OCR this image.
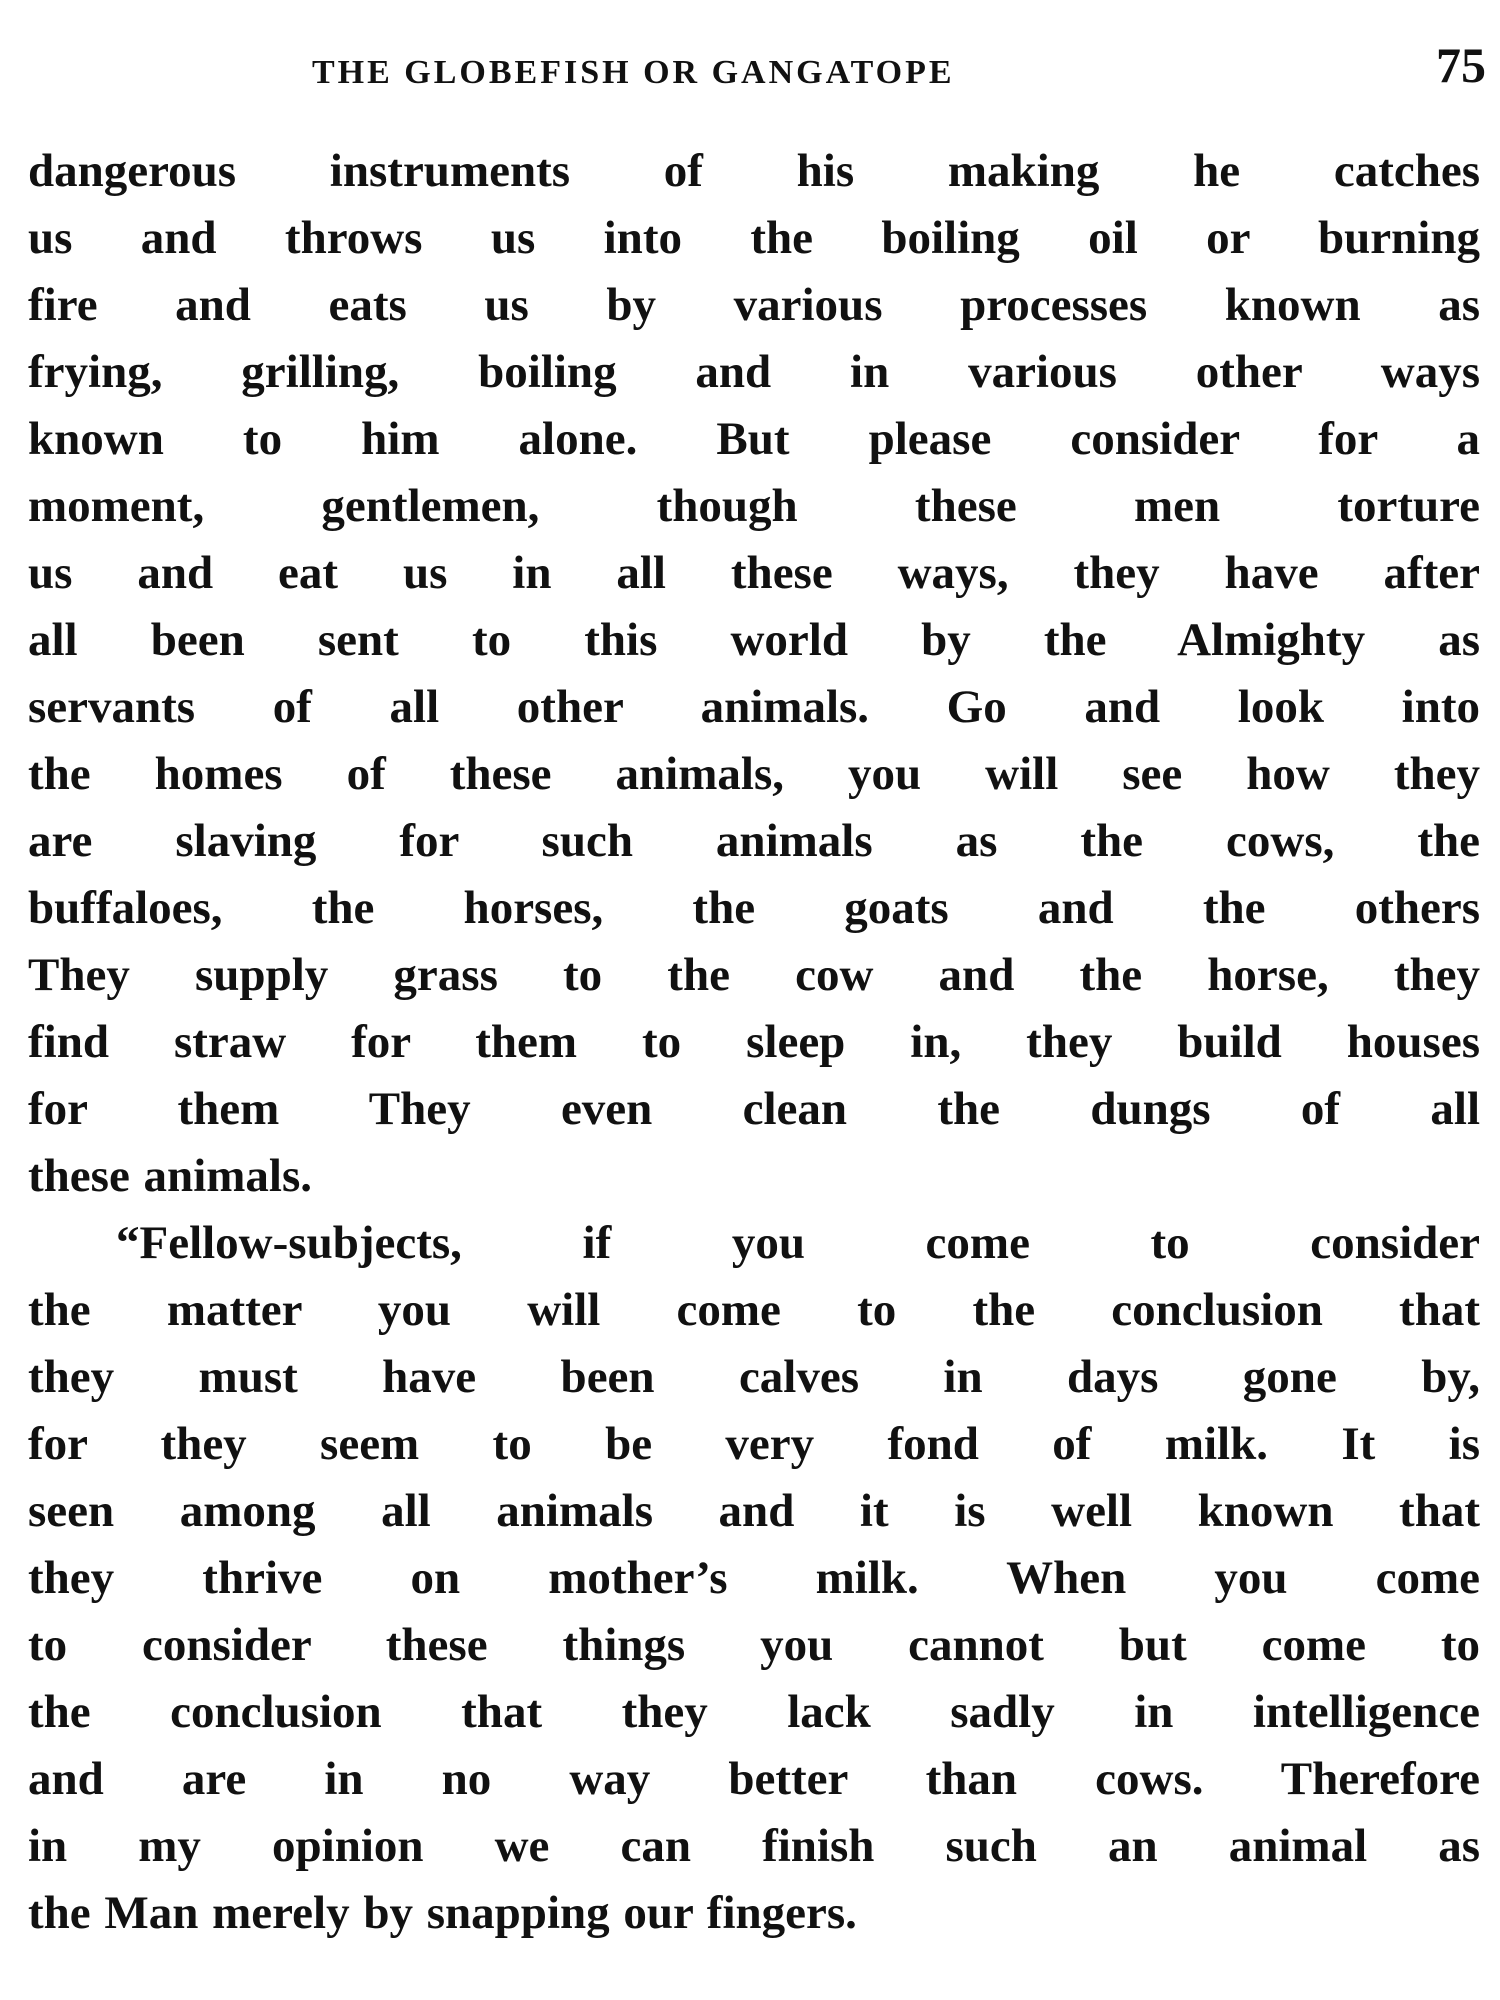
THE GLOBEFISH OR GANGATOPE	75
dangerous instruments of his making he catches
us and throws us into the boiling oil or burning
fire and eats us by various processes known as
frying, grilling, boiling and in various other ways
known to him alone. But please consider for a
moment, gentlemen, though these men torture
us and eat us in all these ways, they have after
all been sent to this world by the Almighty as
servants of all other animals. Go and look into
the homes of these animals, you will see how they
are slaving for such animals as the cows, the
buffaloes, the horses, the goats and the others
They supply grass to the cow and the horse, they
find straw for them to sleep in, they build houses
for them They even clean the dungs of all
these animals.
“Fellow-subjects, if you come to consider
the matter you will come to the conclusion that
they must have been calves in days gone by,
for they seem to be very fond of milk. It is
seen among all animals and it is well known that
they thrive on mother’s milk. When you come
to consider these things you cannot but come to
the conclusion that they lack sadly in intelligence
and are in no way better than cows. Therefore
in my opinion we can finish such an animal as
the Man merely by snapping our fingers.
